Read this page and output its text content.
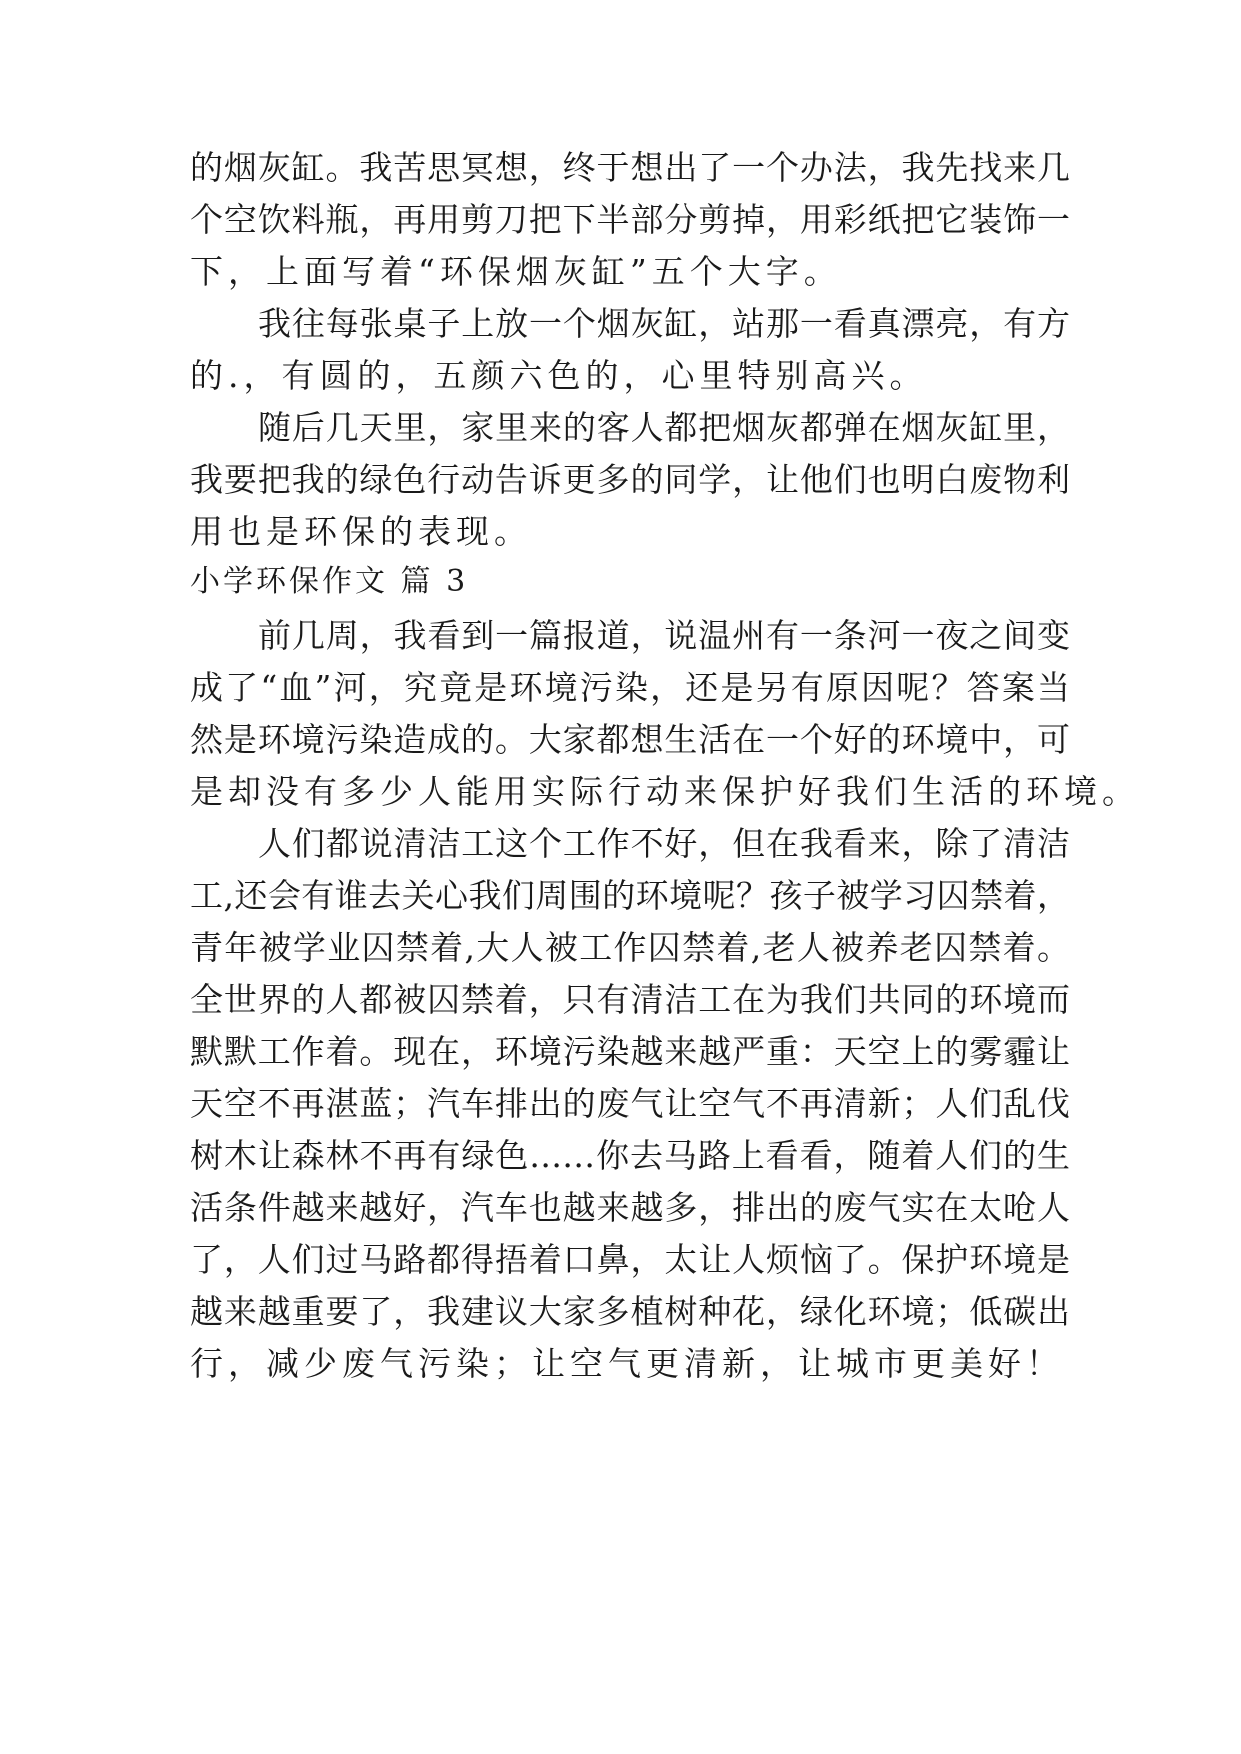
的烟灰缸。我苦思冥想，终于想出了一个办法，我先找来几
个空饮料瓶，再用剪刀把下半部分剪掉，用彩纸把它装饰一
下，上面写着“环保烟灰缸”五个大字。
我往每张桌子上放一个烟灰缸，站那一看真漂亮，有方
的.，有圆的，五颜六色的，心里特别高兴。
随后几天里，家里来的客人都把烟灰都弹在烟灰缸里，
我要把我的绿色行动告诉更多的同学，让他们也明白废物利
用也是环保的表现。
小学环保作文 篇 3
前几周，我看到一篇报道，说温州有一条河一夜之间变
成了“血”河，究竟是环境污染，还是另有原因呢？答案当
然是环境污染造成的。大家都想生活在一个好的环境中，可
是却没有多少人能用实际行动来保护好我们生活的环境。
人们都说清洁工这个工作不好，但在我看来，除了清洁
工,还会有谁去关心我们周围的环境呢？孩子被学习囚禁着，
青年被学业囚禁着,大人被工作囚禁着,老人被养老囚禁着。
全世界的人都被囚禁着，只有清洁工在为我们共同的环境而
默默工作着。现在，环境污染越来越严重：天空上的雾霾让
天空不再湛蓝；汽车排出的废气让空气不再清新；人们乱伐
树木让森林不再有绿色……你去马路上看看，随着人们的生
活条件越来越好，汽车也越来越多，排出的废气实在太呛人
了，人们过马路都得捂着口鼻，太让人烦恼了。保护环境是
越来越重要了，我建议大家多植树种花，绿化环境；低碳出
行，减少废气污染；让空气更清新，让城市更美好！
